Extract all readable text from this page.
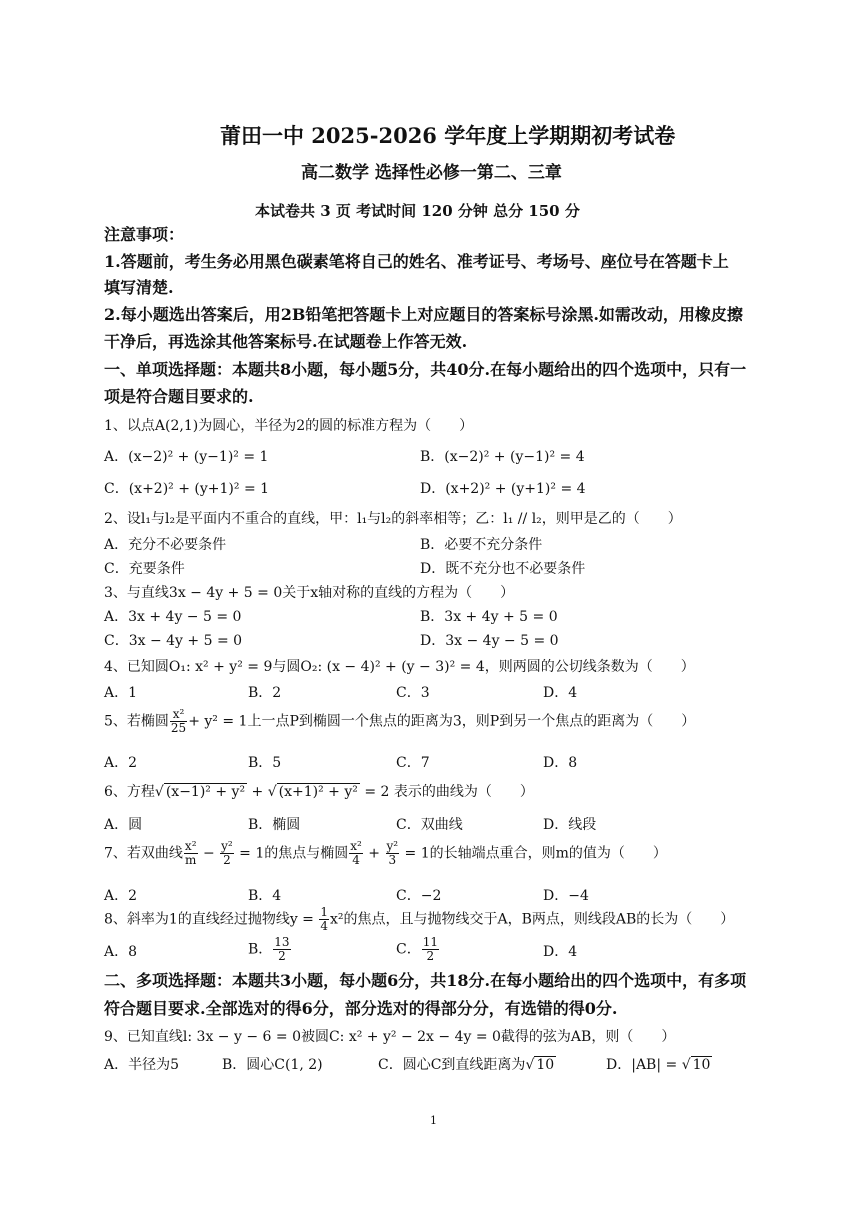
莆田一中 2025-2026 学年度上学期期初考试卷
高二数学 选择性必修一第二、三章
本试卷共 3 页 考试时间 120 分钟 总分 150 分
注意事项：
1.答题前，考生务必用黑色碳素笔将自己的姓名、准考证号、考场号、座位号在答题卡上
填写清楚.
2.每小题选出答案后，用2B铅笔把答题卡上对应题目的答案标号涂黑.如需改动，用橡皮擦
干净后，再选涂其他答案标号.在试题卷上作答无效.
一、单项选择题：本题共8小题，每小题5分，共40分.在每小题给出的四个选项中，只有一
项是符合题目要求的.
1、以点A(2,1)为圆心，半径为2的圆的标准方程为（　　）
A．(x−2)² + (y−1)² = 1	B．(x−2)² + (y−1)² = 4
C．(x+2)² + (y+1)² = 1	D．(x+2)² + (y+1)² = 4
2、设l₁与l₂是平面内不重合的直线，甲：l₁与l₂的斜率相等；乙：l₁ // l₂，则甲是乙的（　　）
A．充分不必要条件	B．必要不充分条件
C．充要条件	D．既不充分也不必要条件
3、与直线3x − 4y + 5 = 0关于x轴对称的直线的方程为（　　）
A．3x + 4y − 5 = 0	B．3x + 4y + 5 = 0
C．3x − 4y + 5 = 0	D．3x − 4y − 5 = 0
4、已知圆O₁: x² + y² = 9与圆O₂: (x − 4)² + (y − 3)² = 4，则两圆的公切线条数为（　　）
A．1	B．2	C．3	D．4
5、若椭圆 $\frac{\text{x²}}{25} + y^2 = 1$上一点P到椭圆一个焦点的距离为3，则P到另一个焦点的距离为（　　）
A．2	B．5	C．7	D．8
6、方程√ (x−1)² + y² + √ (x+1)² + y² = 2 表示的曲线为（　　）
A．圆	B．椭圆	C．双曲线	D．线段
7、若双曲线 $\frac{\text{x²}}{m} - \frac{\text{y²}}{2} = 1$的焦点与椭圆 $\frac{\text{x²}}{4} + \frac{\text{y²}}{3} = 1$的长轴端点重合，则m的值为（　　）
A．2	B．4	C．−2	D．−4
8、斜率为1的直线经过抛物线$y = \frac{1}{4} x^2$的焦点，且与抛物线交于A，B两点，则线段AB的长为（　　）
A．8	B． $\frac{13}{2}$	C． $\frac{11}{2}$	D．4
二、多项选择题：本题共3小题，每小题6分，共18分.在每小题给出的四个选项中，有多项
符合题目要求.全部选对的得6分，部分选对的得部分分，有选错的得0分.
9、已知直线l: 3x − y − 6 = 0被圆C: x² + y² − 2x − 4y = 0截得的弦为AB，则（　　）
A．半径为5	B．圆心C(1, 2)	C．圆心C到直线距离为√ 10	D．|AB| = √ 10
1
